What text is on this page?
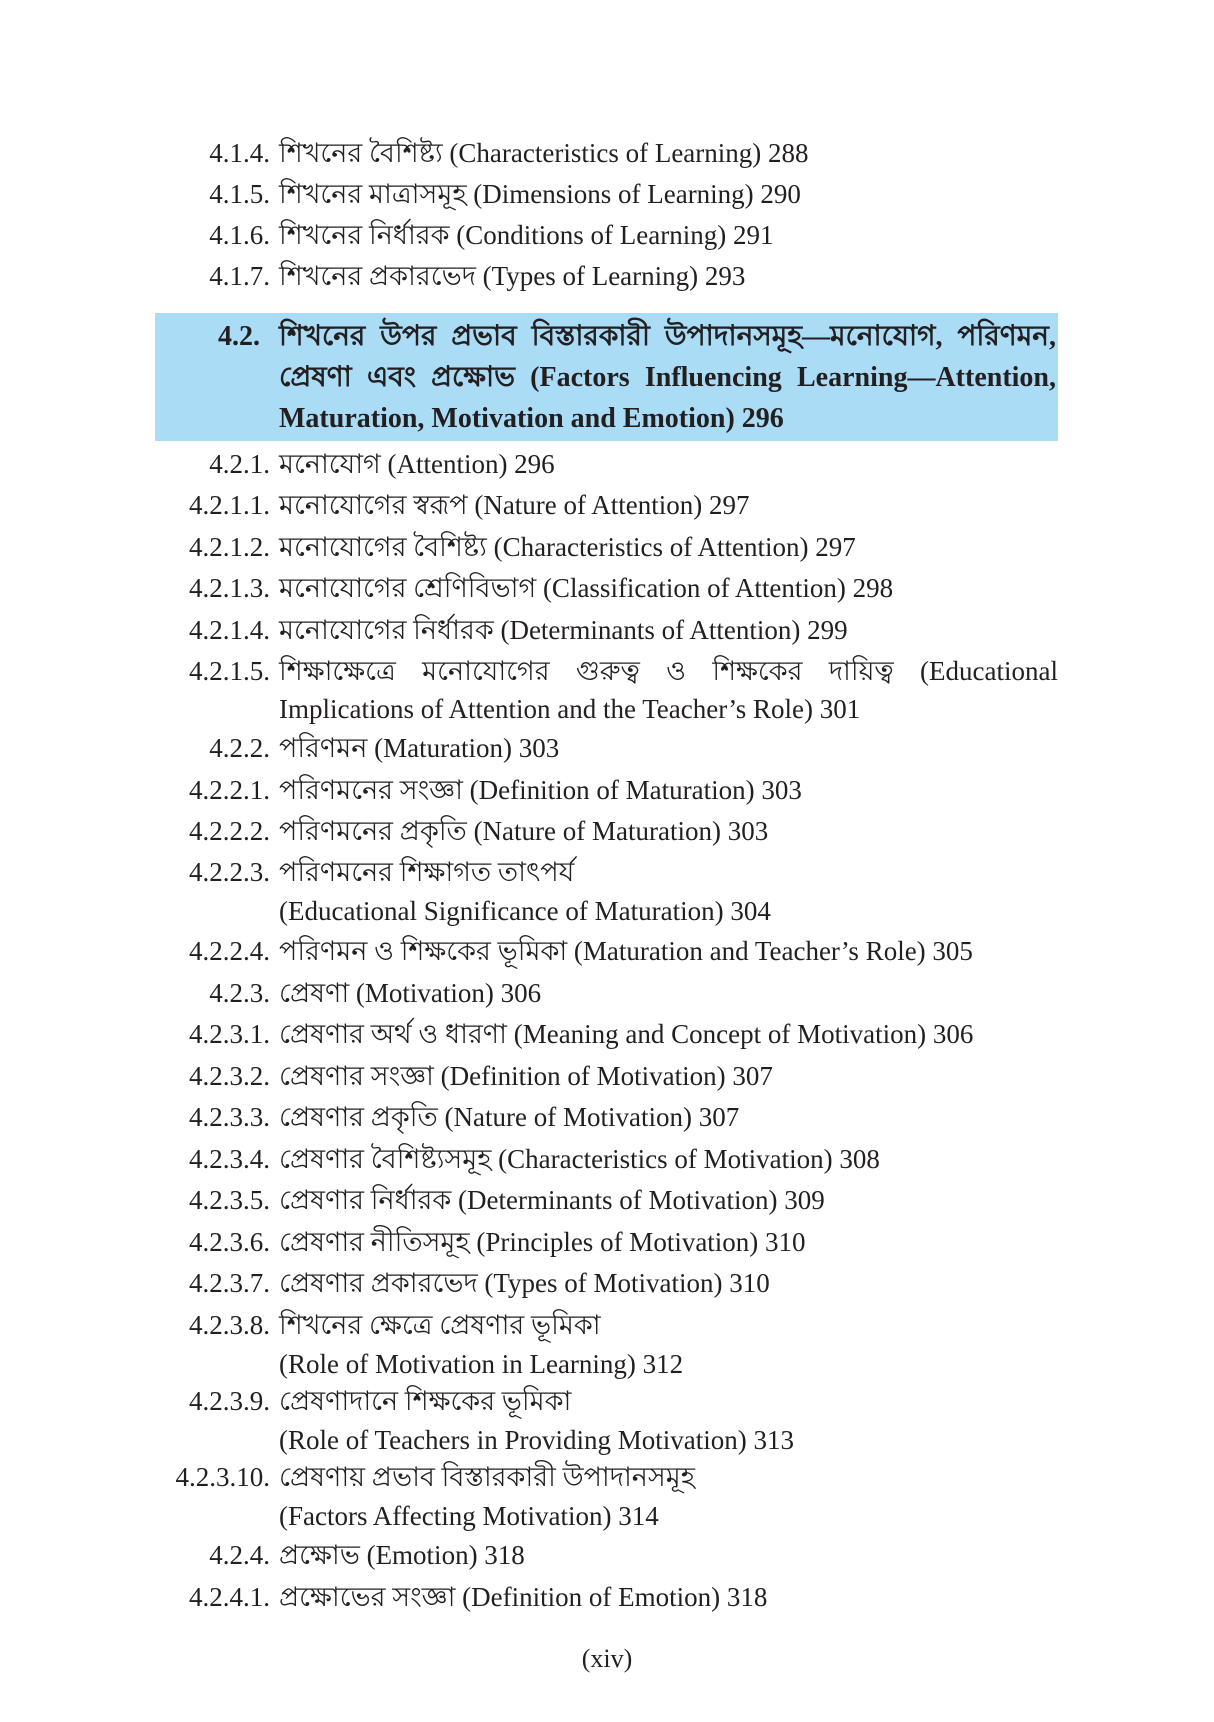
4.1.4. শিখনের বৈশিষ্ট্য (Characteristics of Learning) 288
4.1.5. শিখনের মাত্রাসমূহ (Dimensions of Learning) 290
4.1.6. শিখনের নির্ধারক (Conditions of Learning) 291
4.1.7. শিখনের প্রকারভেদ (Types of Learning) 293
4.2. শিখনের উপর প্রভাব বিস্তারকারী উপাদানসমূহ—মনোযোগ, পরিণমন,
প্রেষণা এবং প্রক্ষোভ (Factors Influencing Learning—Attention,
Maturation, Motivation and Emotion) 296
4.2.1. মনোযোগ (Attention) 296
4.2.1.1. মনোযোগের স্বরূপ (Nature of Attention) 297
4.2.1.2. মনোযোগের বৈশিষ্ট্য (Characteristics of Attention) 297
4.2.1.3. মনোযোগের শ্রেণিবিভাগ (Classification of Attention) 298
4.2.1.4. মনোযোগের নির্ধারক (Determinants of Attention) 299
4.2.1.5. শিক্ষাক্ষেত্রে মনোযোগের গুরুত্ব ও শিক্ষকের দায়িত্ব (Educational
Implications of Attention and the Teacher’s Role) 301
4.2.2. পরিণমন (Maturation) 303
4.2.2.1. পরিণমনের সংজ্ঞা (Definition of Maturation) 303
4.2.2.2. পরিণমনের প্রকৃতি (Nature of Maturation) 303
4.2.2.3. পরিণমনের শিক্ষাগত তাৎপর্য
(Educational Significance of Maturation) 304
4.2.2.4. পরিণমন ও শিক্ষকের ভূমিকা (Maturation and Teacher’s Role) 305
4.2.3. প্রেষণা (Motivation) 306
4.2.3.1. প্রেষণার অর্থ ও ধারণা (Meaning and Concept of Motivation) 306
4.2.3.2. প্রেষণার সংজ্ঞা (Definition of Motivation) 307
4.2.3.3. প্রেষণার প্রকৃতি (Nature of Motivation) 307
4.2.3.4. প্রেষণার বৈশিষ্ট্যসমূহ (Characteristics of Motivation) 308
4.2.3.5. প্রেষণার নির্ধারক (Determinants of Motivation) 309
4.2.3.6. প্রেষণার নীতিসমূহ (Principles of Motivation) 310
4.2.3.7. প্রেষণার প্রকারভেদ (Types of Motivation) 310
4.2.3.8. শিখনের ক্ষেত্রে প্রেষণার ভূমিকা
(Role of Motivation in Learning) 312
4.2.3.9. প্রেষণাদানে শিক্ষকের ভূমিকা
(Role of Teachers in Providing Motivation) 313
4.2.3.10. প্রেষণায় প্রভাব বিস্তারকারী উপাদানসমূহ
(Factors Affecting Motivation) 314
4.2.4. প্রক্ষোভ (Emotion) 318
4.2.4.1. প্রক্ষোভের সংজ্ঞা (Definition of Emotion) 318
(xiv)
